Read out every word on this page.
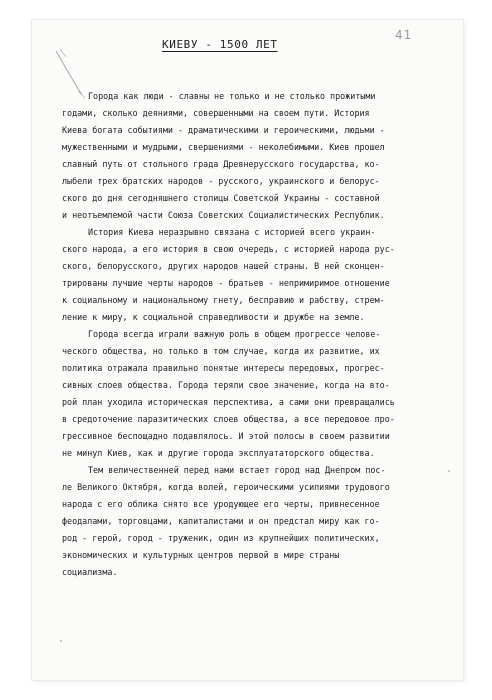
41
КИЕВУ - 1500 ЛЕТ
Города как люди - славны не только и не столько прожитыми
годами, сколько деяниями, совершенными на своем пути. История
Киева богата событиями - драматическими и героическими, людьми -
мужественными и мудрыми, свершениями - неколебимыми. Киев прошел
славный путь от стольного града Древнерусского государства, ко-
лыбели трех братских народов - русского, украинского и белорус-
ского до дня сегодняшнего столицы Советской Украины - составной
и неотъемлемой части Союза Советских Социалистических Республик.
История Киева неразрывно связана с историей всего украин-
ского народа, а его история в свою очередь, с историей народа рус-
ского, белорусского, других народов нашей страны. В ней сконцен-
трированы лучшие черты народов - братьев - непримиримое отношение
к социальному и национальному гнету, бесправию и рабству, стрем-
ление к миру, к социальной справедливости и дружбе на земле.
Города всегда играли важную роль в общем прогрессе челове-
ческого общества, но только в том случае, когда их развитие, их
политика отражала правильно понятые интересы передовых, прогрес-
сивных слоев общества. Города теряли свое значение, когда на вто-
рой план уходила историческая перспектива, а сами они превращались
в средоточение паразитических слоев общества, а все передовое про-
грессивное беспощадно подавлялось. И этой полосы в своем развитии
не минул Киев, как и другие города эксплуататорского общества.
Тем величественней перед нами встает город над Днепром пос-
ле Великого Октября, когда волей, героическими усилиями трудового
народа с его облика снято все уродующее его черты, привнесенное
феодалами, торговцами, капиталистами и он предстал миру как го-
род - герой, город - труженик, один из крупнейших политических,
экономических и культурных центров первой в мире страны
социализма.
